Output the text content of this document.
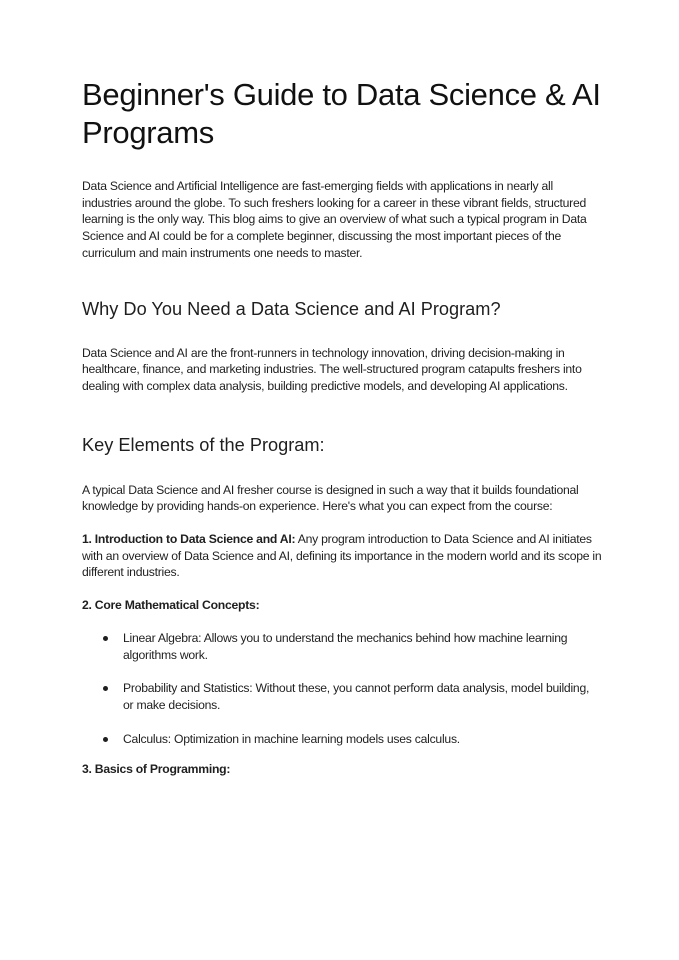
Beginner's Guide to Data Science & AI Programs

Data Science and Artificial Intelligence are fast-emerging fields with applications in nearly all industries around the globe. To such freshers looking for a career in these vibrant fields, structured learning is the only way. This blog aims to give an overview of what such a typical program in Data Science and AI could be for a complete beginner, discussing the most important pieces of the curriculum and main instruments one needs to master.

Why Do You Need a Data Science and AI Program?

Data Science and AI are the front-runners in technology innovation, driving decision-making in healthcare, finance, and marketing industries. The well-structured program catapults freshers into dealing with complex data analysis, building predictive models, and developing AI applications.

Key Elements of the Program:

A typical Data Science and AI fresher course is designed in such a way that it builds foundational knowledge by providing hands-on experience. Here's what you can expect from the course:

1. Introduction to Data Science and AI: Any program introduction to Data Science and AI initiates with an overview of Data Science and AI, defining its importance in the modern world and its scope in different industries.

2. Core Mathematical Concepts:

Linear Algebra: Allows you to understand the mechanics behind how machine learning algorithms work.
Probability and Statistics: Without these, you cannot perform data analysis, model building, or make decisions.
Calculus: Optimization in machine learning models uses calculus.

3. Basics of Programming:
